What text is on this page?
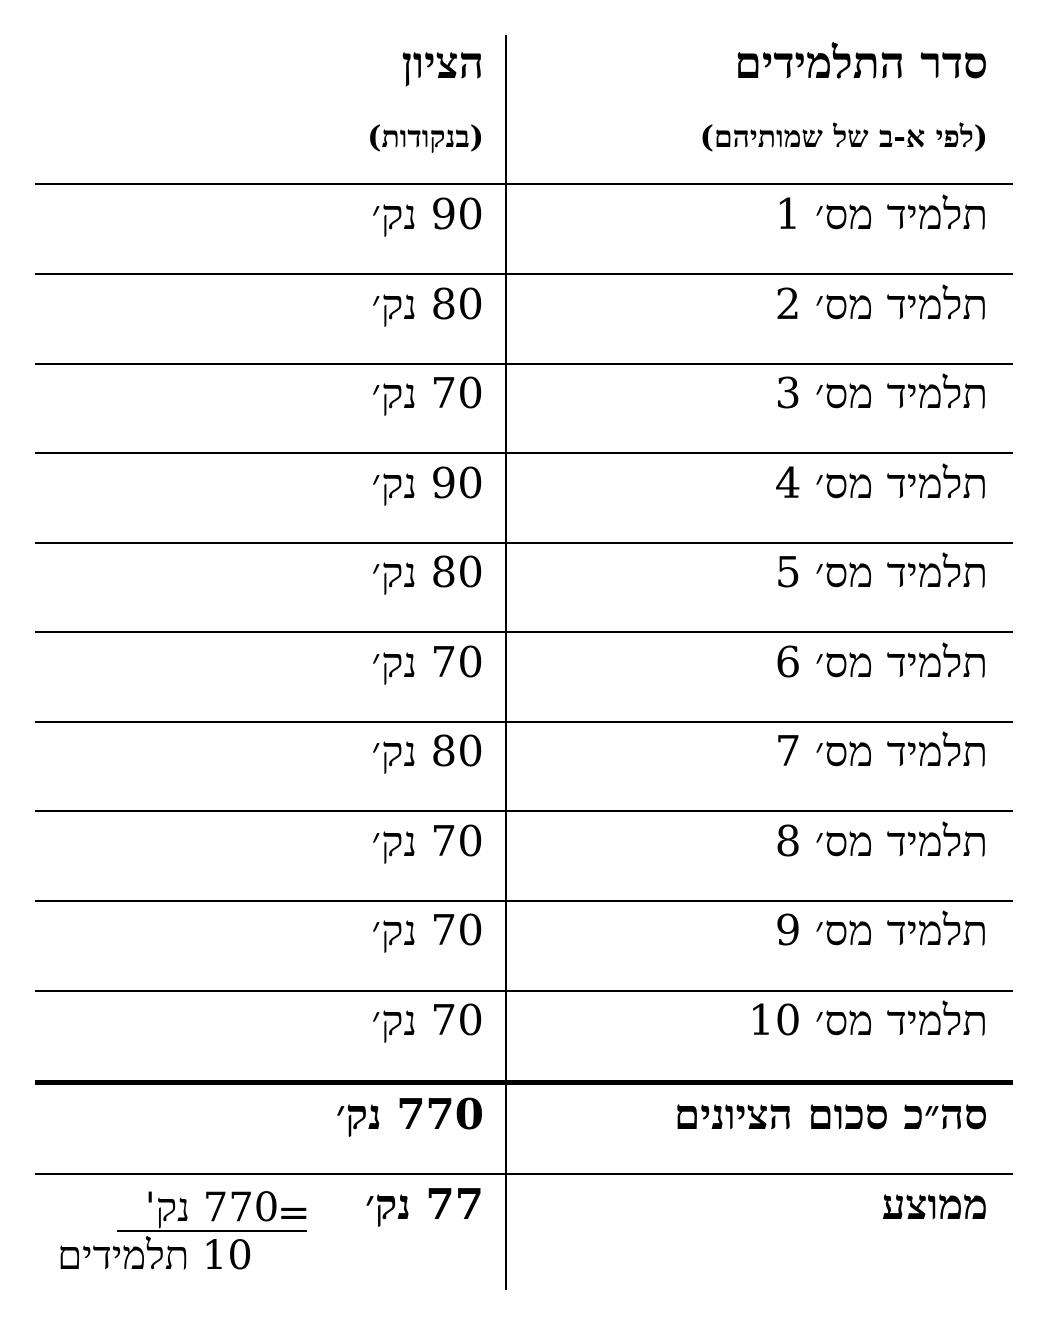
סדר התלמידים
(לפי א-ב של שמותיהם)
הציון
(בנקודות)
תלמיד מס׳ 1
90 נק׳
תלמיד מס׳ 2
80 נק׳
תלמיד מס׳ 3
70 נק׳
תלמיד מס׳ 4
90 נק׳
תלמיד מס׳ 5
80 נק׳
תלמיד מס׳ 6
70 נק׳
תלמיד מס׳ 7
80 נק׳
תלמיד מס׳ 8
70 נק׳
תלמיד מס׳ 9
70 נק׳
תלמיד מס׳ 10
70 נק׳
סה״כ סכום הציונים
770 נק׳
ממוצע
77 נק׳
=
770 נק'
10 תלמידים
